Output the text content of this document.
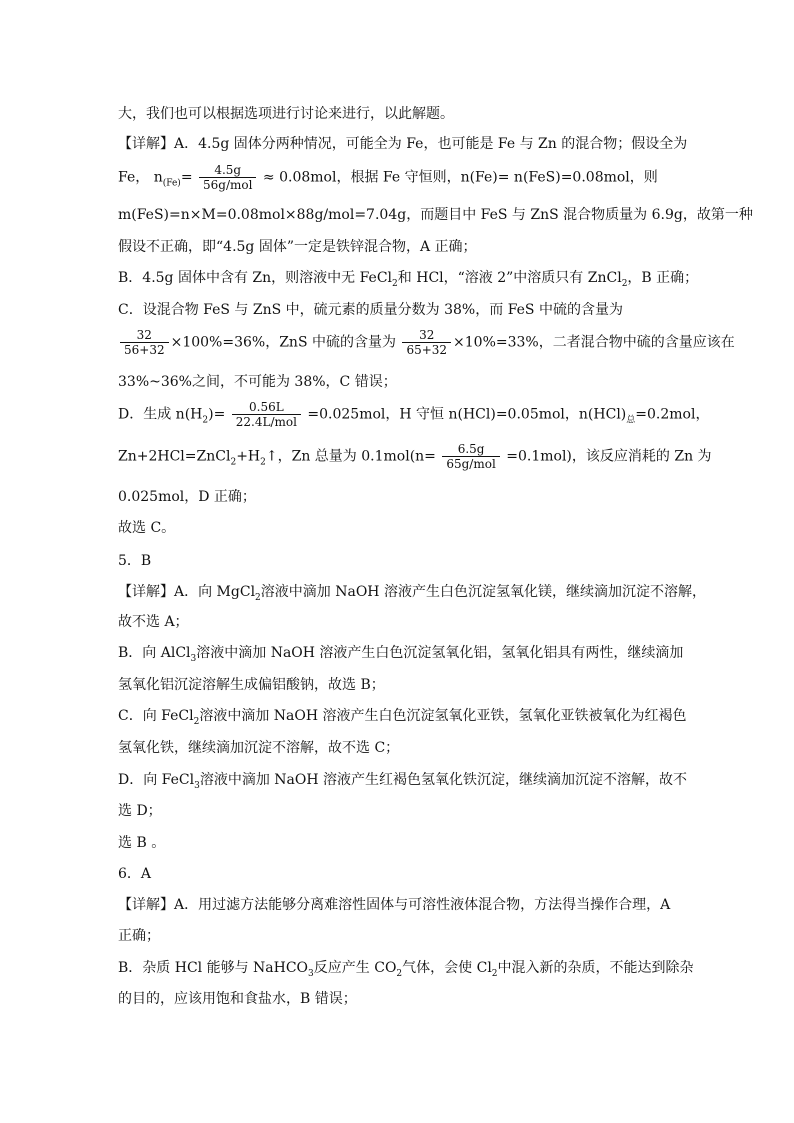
大，我们也可以根据选项进行讨论来进行，以此解题。
【详解】A．4.5g 固体分两种情况，可能全为 Fe，也可能是 Fe 与 Zn 的混合物；假设全为
Fe， $n_{(Fe)}= \frac{4.5g}{\text{56g/mol}} \approx 0.08mol$，根据 Fe 守恒则，n(Fe)= n(FeS)=0.08mol，则
m(FeS)=n×M=0.08mol×88g/mol=7.04g，而题目中 FeS 与 ZnS 混合物质量为 6.9g，故第一种
假设不正确，即“4.5g 固体”一定是铁锌混合物，A 正确；
B．4.5g 固体中含有 Zn，则溶液中无 FeCl$_2$和 HCl，“溶液 2”中溶质只有 ZnCl$_2$，B 正确；
C．设混合物 FeS 与 ZnS 中，硫元素的质量分数为 38%，而 FeS 中硫的含量为
$\frac{32}{56+32} \times 100\%=36\%$，ZnS 中硫的含量为 $\frac{32}{65+32} \times 10\%=33\%$，二者混合物中硫的含量应该在
33%~36%之间，不可能为 38%，C 错误；
D．生成 $n(H_2)= \frac{0.56L}{\text{22.4L/mol}} =0.025mol$，H 守恒 n(HCl)=0.05mol，$n(HCl)_总=0.2mol$，
$Zn+2HCl=ZnCl_2+H_2↑$，Zn 总量为 $0.1mol(n= \frac{6.5g}{\text{65g/mol}} =0.1mol)$，该反应消耗的 Zn 为
0.025mol，D 正确；
故选 C。
5．B
【详解】A．向 MgCl$_2$溶液中滴加 NaOH 溶液产生白色沉淀氢氧化镁，继续滴加沉淀不溶解，
故不选 A；
B．向 AlCl$_3$溶液中滴加 NaOH 溶液产生白色沉淀氢氧化铝，氢氧化铝具有两性，继续滴加
氢氧化铝沉淀溶解生成偏铝酸钠，故选 B；
C．向 FeCl$_2$溶液中滴加 NaOH 溶液产生白色沉淀氢氧化亚铁，氢氧化亚铁被氧化为红褐色
氢氧化铁，继续滴加沉淀不溶解，故不选 C；
D．向 FeCl$_3$溶液中滴加 NaOH 溶液产生红褐色氢氧化铁沉淀，继续滴加沉淀不溶解，故不
选 D；
选 B 。
6．A
【详解】A．用过滤方法能够分离难溶性固体与可溶性液体混合物，方法得当操作合理，A
正确；
B．杂质 HCl 能够与 NaHCO$_3$反应产生 $CO_2$气体，会使 $Cl_2$中混入新的杂质，不能达到除杂
的目的，应该用饱和食盐水，B 错误；
